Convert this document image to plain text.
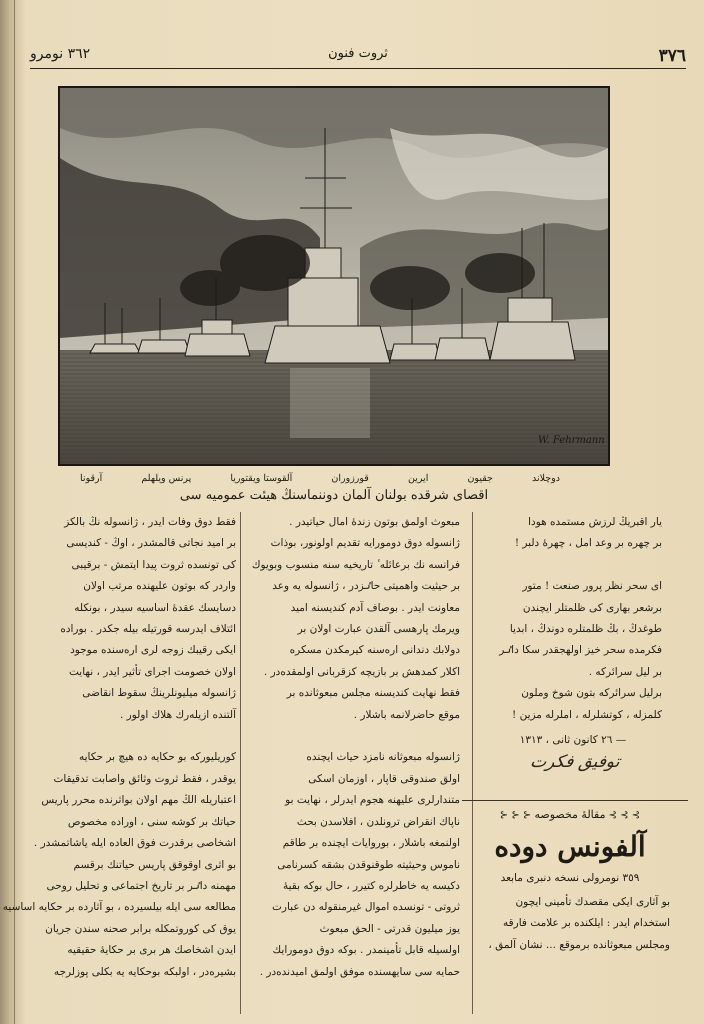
٣٧٦
ثروت فنون
٣٦٢ نومرو
W. Fehrmann
دوچلاند
جقيون
ايرين
قورزوران
آلقوستا ويقتوريا
پرنس ويلهلم
آرقونا
اقصاى شرقده بولنان آلمان دوننماسنڭ هيئت عموميه سى

يار اقبريڭ لرزش مستمده هودا

بر چهره بر وعد امل ، چهرهٔ دلبر !

اى سحر نظر پرور صنعت ! متور

برشعر بهارى كى ظلمتلر ايچندن

طوغدڭ ، بڭ ظلمتلره دوندڭ ، ابديا

فكرمده سحر خيز اولهجقدر سكا داٸر

بر ليل سرائركه .

برليل سرائركه بتون شوخ وملون

كلمزله ، كوتشلرله ، املرله مزين !

— ٢٦ كانون ثانى ، ١٣١٣

توفيق فكرت
⊱ ⊱ ⊱ مقالهٔ مخصوصه ⊰ ⊰ ⊰
آلفونس دوده
٣٥٩ نومرولى نسخه دنبرى مابعد

بو آثارى ايكى مقصدك تأمينى ايچون

استخدام ايدر : ايلكنده بر علامت فارقه

ومجلس مبعوثانده برموقع ... نشان آلمق ،

مبعوث اولمق بوتون زندهٔ امال حياتيدر .

ژانسوله دوق دومورايه تقديم اولونور، بوذات

فرانسه نك برعائله ٔ تاريخيه سنه منسوب وبويوك

بر حيثيت واهميتى حاٸزدر ، ژانسوله يه وعد

معاونت ايدر . بوصاف آدم كنديسنه اميد

ويرمك پارهسى آلقدن عبارت اولان بر

دولابك دندانى ارەسنه كيرمكدن مسكره

اكلار كمدهش بر بازيچه كزقربانى اولمقدەدر .

فقط نهايت كنديسنه مجلس مبعوثانده بر

موقع حاضرلانمه باشلار .

ژانسوله مبعوثانه نامزد حيات ايچنده

اولق صندوقى قاپار ، اوزمان اسكى

متندارلرى عليهنه هجوم ايدرلر ، نهايت بو

ناپاك انقراض ترونلدن ، افلاسدن بحث

اولنمغه باشلار ، بوروايات ايچنده بر طاقم

ناموس وحيثيته طوقنوقدن بشقه كسرنامى

دكيسه يه خاطرلره كتيرر ، حال بوكه بقيهٔ

ثروتى - تونسده اموال غيرمنقوله دن عبارت

يوز ميليون قدرتى - الحق مبعوث

اولسيله قابل تأمينمدر . بوكه دوق دومورايك

حمايه سى سايهسنده موفق اولمق اميدندەدر .

فقط دوق وفات ايدر ، ژانسوله نڭ بالكز

بر اميد نجاتى قالمشدر ، اوڭ - كنديسى

كى تونسده ثروت پيدا ايتمش - برقيبى

واردر كه بوتون عليهنده مرتب اولان

دسايسك عقدهٔ اساسيه سيدر ، بونكله

ائتلاف ايدرسه قورتيله بيله جكدر . بوراده

ايكى رقيبك زوجه لرى ارەسنده موجود

اولان خصومت اجراى تأثير ايدر ، نهايت

ژانسوله ميليونلرينڭ سقوط انقاضى

آلتنده ازيلەرك هلاك اولور .

كوريليوركه بو حكايه ده هيچ بر حكايه

يوقدر ، فقط ثروت وثائق واصابت تدقيقات

اعتباريله الڭ مهم اولان بواثرنده محرر پاريس

حياتك بر كوشه سنى ، اوراده مخصوص

اشخاصى برقدرت فوق العاده ايله ياشاتمشدر .

بو اثرى اوقوقق پاريس حياتنك برقسم

مهمنه داٸر بر تاريخ اجتماعى و تحليل روحى

مطالعه سى ايله بيلسيرده ، بو آثارده بر حكايه اساسيه

يوق كى كوروتمكله برابر صحنه سندن جريان

ايدن اشخاصك هر برى بر حكايهٔ حقيقيه

بشيرەدر ، اولبكه بوحكايه يه بكلى پوزلرجه
